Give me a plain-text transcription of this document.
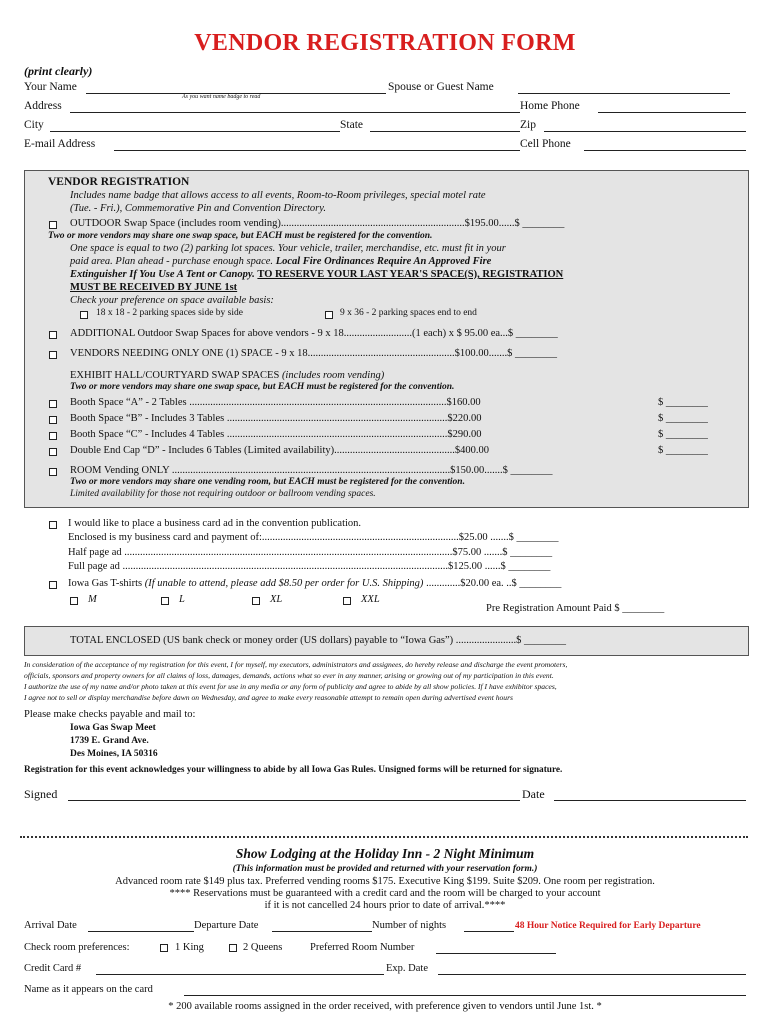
VENDOR REGISTRATION FORM
(print clearly)
Your Name
As you want name badge to read
Spouse or Guest Name
Address	Home Phone
City	State	Zip
E-mail Address	Cell Phone
VENDOR REGISTRATION
Includes name badge that allows access to all events, Room-to-Room privileges, special motel rate
(Tue. - Fri.), Commemorative Pin and Convention Directory.
OUTDOOR Swap Space (includes room vending)......................................................................$195.00......$ ________
Two or more vendors may share one swap space, but EACH must be registered for the convention.
One space is equal to two (2) parking lot spaces. Your vehicle, trailer, merchandise, etc. must fit in your
paid area. Plan ahead - purchase enough space. Local Fire Ordinances Require An Approved Fire
Extinguisher If You Use A Tent or Canopy. TO RESERVE YOUR LAST YEAR'S SPACE(S), REGISTRATION
MUST BE RECEIVED BY JUNE 1st
Check your preference on space available basis:
18 x 18 - 2 parking spaces side by side	9 x 36 - 2 parking spaces end to end
ADDITIONAL Outdoor Swap Spaces for above vendors - 9 x 18..........................(1 each) x $ 95.00 ea...$ ________
VENDORS NEEDING ONLY ONE (1) SPACE - 9 x 18........................................................$100.00.......$ ________
EXHIBIT HALL/COURTYARD SWAP SPACES (includes room vending)
Two or more vendors may share one swap space, but EACH must be registered for the convention.
Booth Space “A” - 2 Tables ..................................................................................................$160.00	$ ________
Booth Space “B” - Includes 3 Tables ....................................................................................$220.00	$ ________
Booth Space “C” - Includes 4 Tables ....................................................................................$290.00	$ ________
Double End Cap “D” - Includes 6 Tables (Limited availability)..............................................$400.00	$ ________
ROOM Vending ONLY ..........................................................................................................$150.00.......$ ________
Two or more vendors may share one vending room, but EACH must be registered for the convention.
Limited availability for those not requiring outdoor or ballroom vending spaces.
I would like to place a business card ad in the convention publication.
Enclosed is my business card and payment of:...........................................................................$25.00 .......$ ________
Half page ad .............................................................................................................................$75.00 .......$ ________
Full page ad ............................................................................................................................$125.00 ......$ ________
Iowa Gas T-shirts (If unable to attend, please add $8.50 per order for U.S. Shipping) .............$20.00 ea. ..$ ________
M	L	XL	XXL
Pre Registration Amount Paid $ ________
TOTAL ENCLOSED (US bank check or money order (US dollars) payable to “Iowa Gas”) .......................$ ________
In consideration of the acceptance of my registration for this event, I for myself, my executors, administrators and assignees, do hereby release and discharge the event promoters,
officials, sponsors and property owners for all claims of loss, damages, demands, actions what so ever in any manner, arising or growing out of my participation in this event.
I authorize the use of my name and/or photo taken at this event for use in any media or any form of publicity and agree to abide by all show policies. If I have exhibitor spaces,
I agree not to sell or display merchandise before dawn on Wednesday, and agree to make every reasonable attempt to remain open during advertised event hours
Please make checks payable and mail to:
Iowa Gas Swap Meet
1739 E. Grand Ave.
Des Moines, IA 50316
Registration for this event acknowledges your willingness to abide by all Iowa Gas Rules. Unsigned forms will be returned for signature.
Signed	Date
Show Lodging at the Holiday Inn - 2 Night Minimum
(This information must be provided and returned with your reservation form.)
Advanced room rate $149 plus tax. Preferred vending rooms $175. Executive King $199. Suite $209. One room per registration.
**** Reservations must be guaranteed with a credit card and the room will be charged to your account
if it is not cancelled 24 hours prior to date of arrival.****
Arrival Date	Departure Date	Number of nights	48 Hour Notice Required for Early Departure
Check room preferences:	1 King	2 Queens	Preferred Room Number
Credit Card #	Exp. Date
Name as it appears on the card
* 200 available rooms assigned in the order received, with preference given to vendors until June 1st. *
